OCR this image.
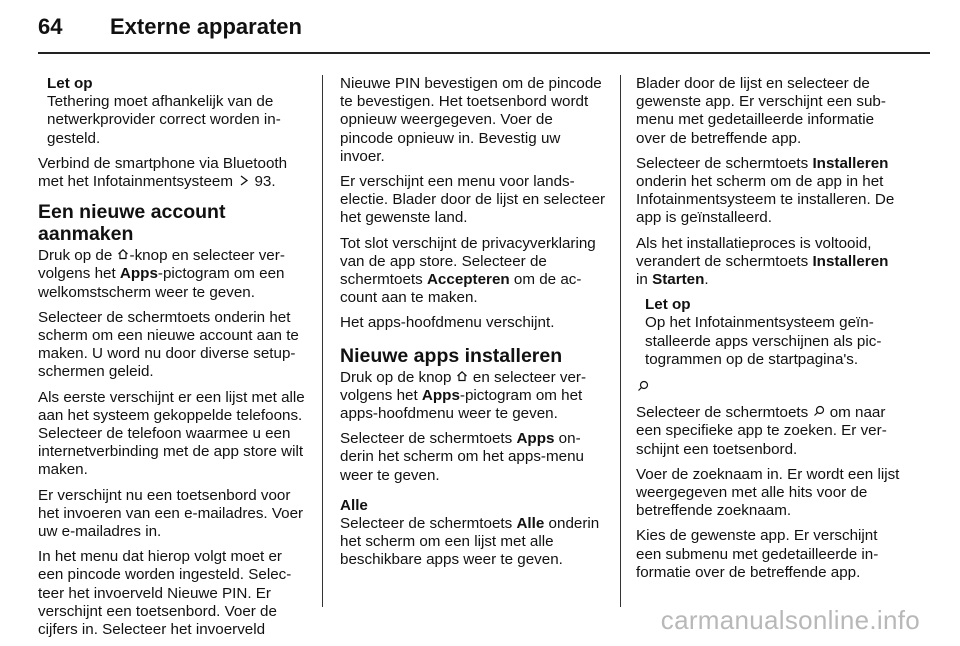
64	Externe apparaten
Let op
Tethering moet afhankelijk van de netwerkprovider correct worden ingesteld.

Verbind de smartphone via Bluetooth met het Infotainmentsysteem 93.

Een nieuwe account aanmaken

Druk op de -knop en selecteer vervolgens het Apps-pictogram om een welkomstscherm weer te geven.

Selecteer de schermtoets onderin het scherm om een nieuwe account aan te maken. U word nu door diverse setup-schermen geleid.

Als eerste verschijnt er een lijst met alle aan het systeem gekoppelde telefoons. Selecteer de telefoon waarmee u een internetverbinding met de app store wilt maken.

Er verschijnt nu een toetsenbord voor het invoeren van een e-mailadres. Voer uw e-mailadres in.

In het menu dat hierop volgt moet er een pincode worden ingesteld. Selecteer het invoerveld Nieuwe PIN. Er verschijnt een toetsenbord. Voer de cijfers in. Selecteer het invoerveld

Nieuwe PIN bevestigen om de pincode te bevestigen. Het toetsenbord wordt opnieuw weergegeven. Voer de pincode opnieuw in. Bevestig uw invoer.

Er verschijnt een menu voor landselectie. Blader door de lijst en selecteer het gewenste land.

Tot slot verschijnt de privacyverklaring van de app store. Selecteer de schermtoets Accepteren om de account aan te maken.

Het apps-hoofdmenu verschijnt.

Nieuwe apps installeren

Druk op de knop en selecteer vervolgens het Apps-pictogram om het apps-hoofdmenu weer te geven.

Selecteer de schermtoets Apps onderin het scherm om het apps-menu weer te geven.

Alle

Selecteer de schermtoets Alle onderin het scherm om een lijst met alle beschikbare apps weer te geven.

Blader door de lijst en selecteer de gewenste app. Er verschijnt een submenu met gedetailleerde informatie over de betreffende app.

Selecteer de schermtoets Installeren onderin het scherm om de app in het Infotainmentsysteem te installeren. De app is geïnstalleerd.

Als het installatieproces is voltooid, verandert de schermtoets Installeren in Starten.

Let op
Op het Infotainmentsysteem geïnstalleerde apps verschijnen als pictogrammen op de startpagina's.

Selecteer de schermtoets om naar een specifieke app te zoeken. Er verschijnt een toetsenbord.

Voer de zoeknaam in. Er wordt een lijst weergegeven met alle hits voor de betreffende zoeknaam.

Kies de gewenste app. Er verschijnt een submenu met gedetailleerde informatie over de betreffende app.

carmanualsonline.info
